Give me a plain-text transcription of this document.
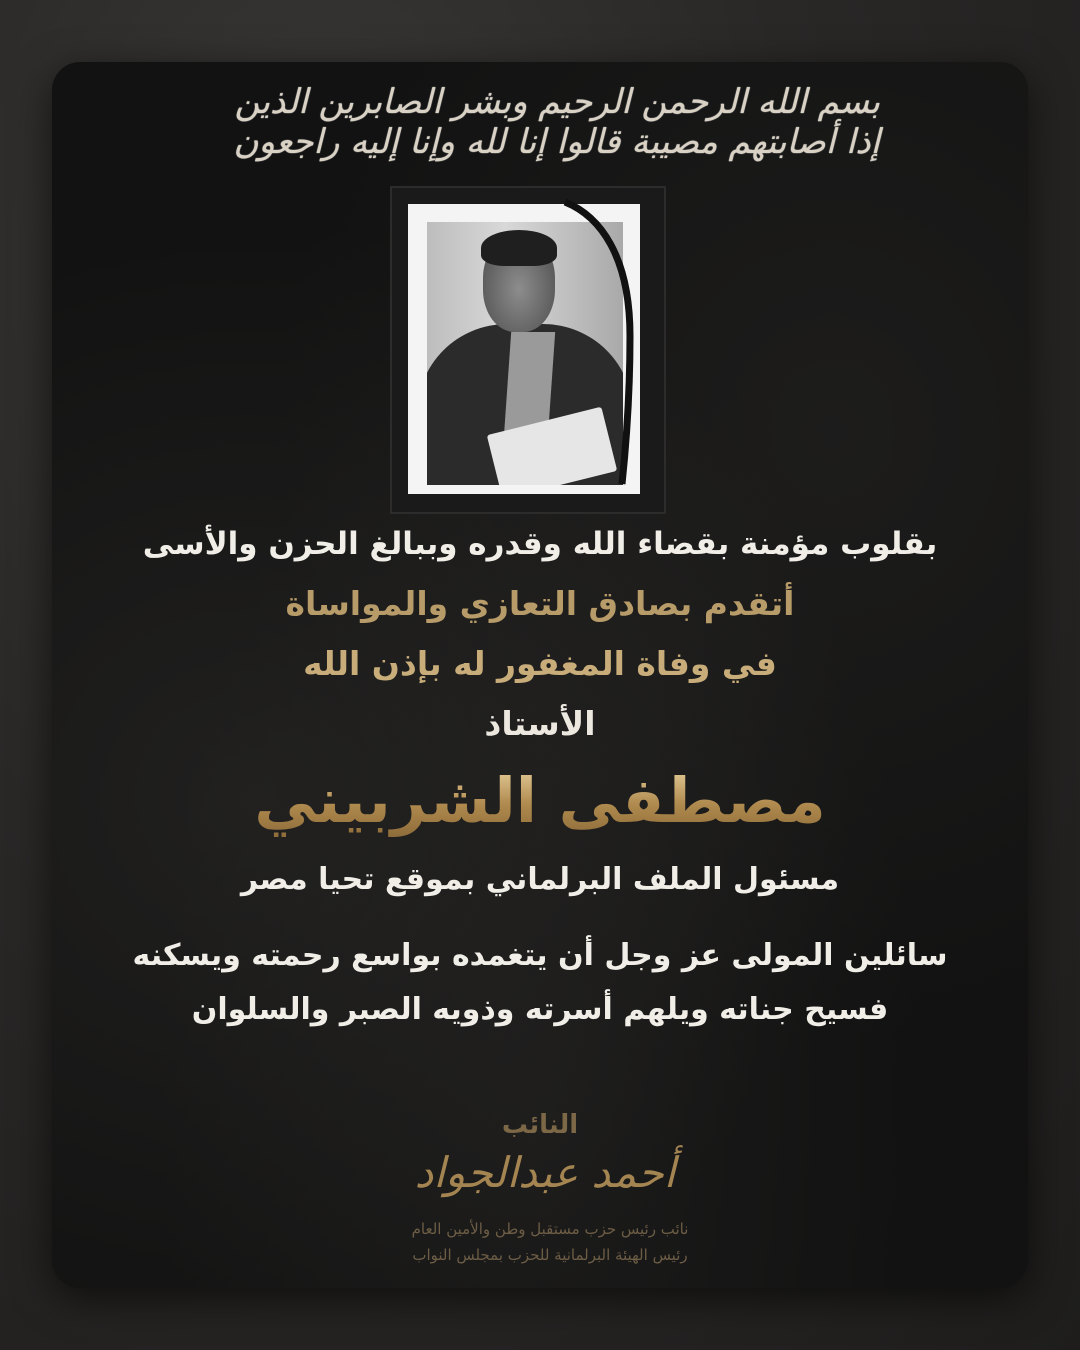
بسم الله الرحمن الرحيم وبشر الصابرين الذين إذا أصابتهم مصيبة قالوا إنا لله وإنا إليه راجعون
بقلوب مؤمنة بقضاء الله وقدره وببالغ الحزن والأسى
أتقدم بصادق التعازي والمواساة
في وفاة المغفور له بإذن الله
الأستاذ
مصطفى الشربيني
مسئول الملف البرلماني بموقع تحيا مصر
سائلين المولى عز وجل أن يتغمده بواسع رحمته ويسكنه
فسيح جناته ويلهم أسرته وذويه الصبر والسلوان
النائب
أحمد عبدالجواد
نائب رئيس حزب مستقبل وطن والأمين العام
رئيس الهيئة البرلمانية للحزب بمجلس النواب
